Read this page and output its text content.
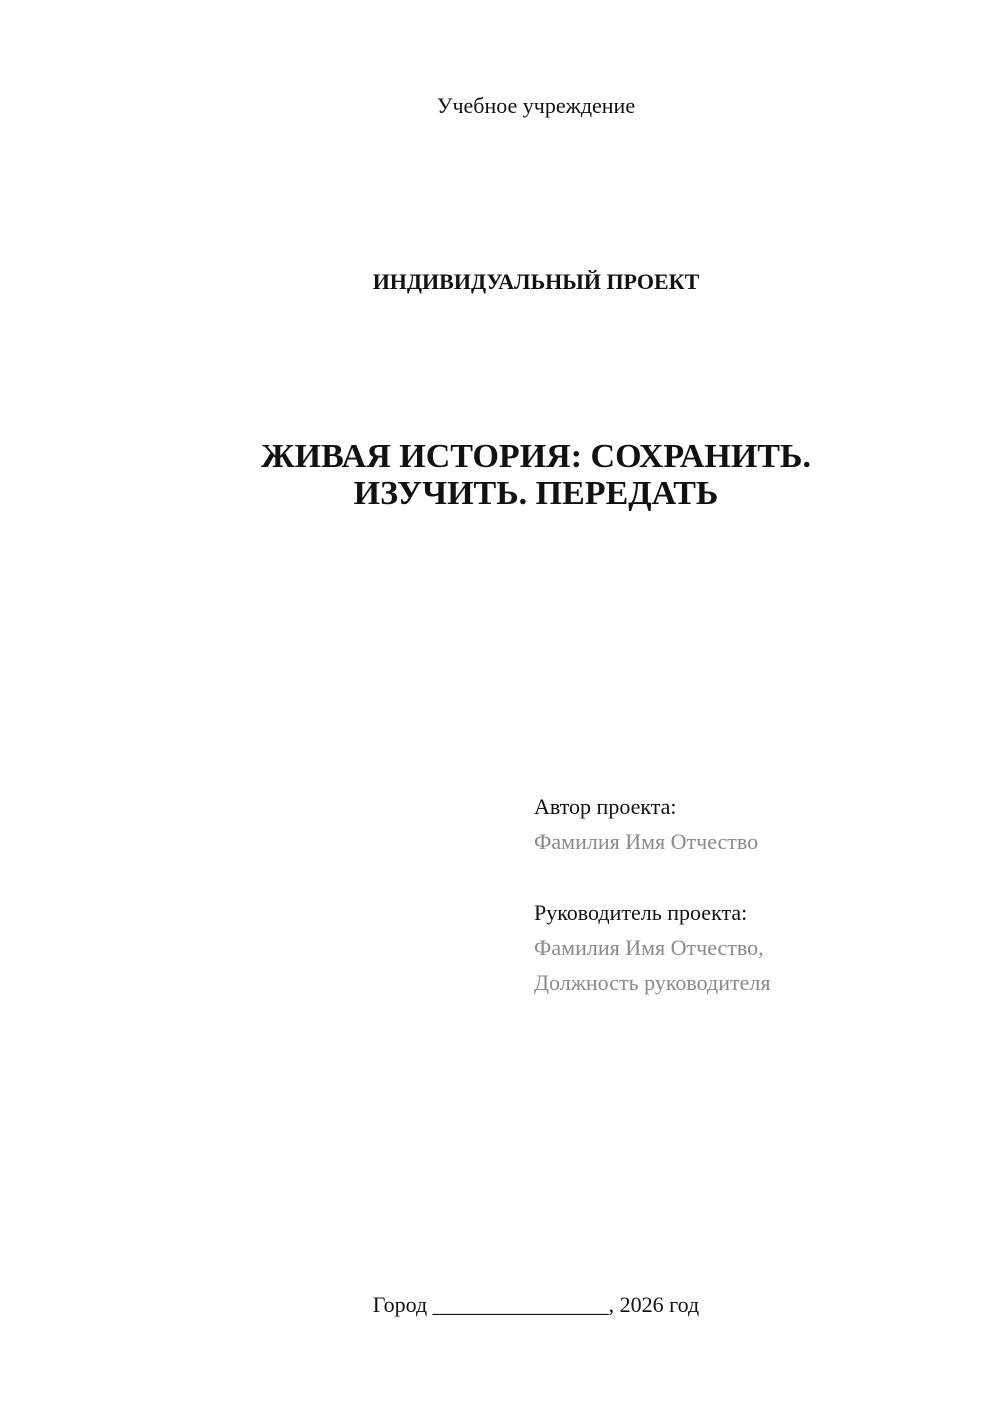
Учебное учреждение
ИНДИВИДУАЛЬНЫЙ ПРОЕКТ
ЖИВАЯ ИСТОРИЯ: СОХРАНИТЬ.
ИЗУЧИТЬ. ПЕРЕДАТЬ
Автор проекта:
Фамилия Имя Отчество
Руководитель проекта:
Фамилия Имя Отчество,
Должность руководителя
Город ________________, 2026 год
